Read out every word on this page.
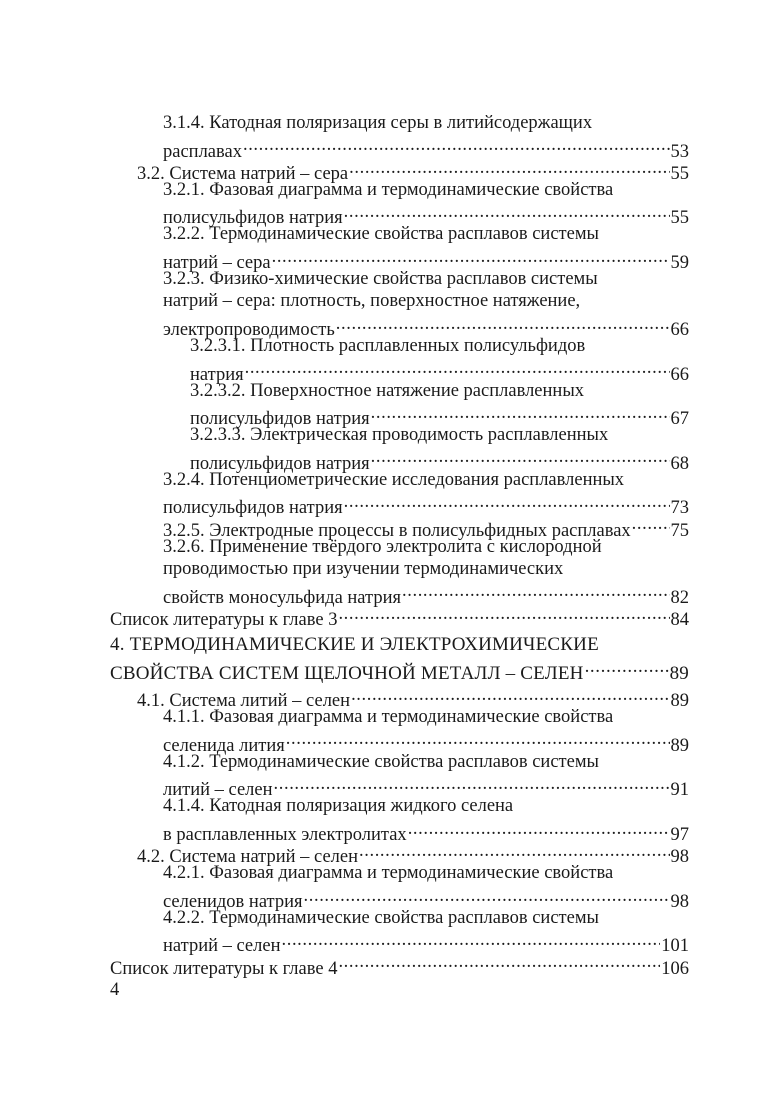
3.1.4. Катодная поляризация серы в литийсодержащих
расплавах .....	53
3.2. Система натрий – сера .....	55
3.2.1. Фазовая диаграмма и термодинамические свойства
полисульфидов натрия .....	55
3.2.2. Термодинамические свойства расплавов системы
натрий – сера .....	59
3.2.3. Физико-химические свойства расплавов системы
натрий – сера: плотность, поверхностное натяжение,
электропроводимость .....	66
3.2.3.1. Плотность расплавленных полисульфидов
натрия .....	66
3.2.3.2. Поверхностное натяжение расплавленных
полисульфидов натрия .....	67
3.2.3.3. Электрическая проводимость расплавленных
полисульфидов натрия .....	68
3.2.4. Потенциометрические исследования расплавленных
полисульфидов натрия .....	73
3.2.5. Электродные процессы в полисульфидных расплавах ..... 75
3.2.6. Применение твёрдого электролита с кислородной
проводимостью при изучении термодинамических
свойств моносульфида натрия .....	82
Список литературы к главе 3 .....	84
4. ТЕРМОДИНАМИЧЕСКИЕ И ЭЛЕКТРОХИМИЧЕСКИЕ
СВОЙСТВА СИСТЕМ ЩЕЛОЧНОЙ МЕТАЛЛ – СЕЛЕН .....	89
4.1. Система литий – селен .....	89
4.1.1. Фазовая диаграмма и термодинамические свойства
селенида лития .....	89
4.1.2. Термодинамические свойства расплавов системы
литий – селен .....	91
4.1.4. Катодная поляризация жидкого селена
в расплавленных электролитах .....	97
4.2. Система натрий – селен .....	98
4.2.1. Фазовая диаграмма и термодинамические свойства
селенидов натрия .....	98
4.2.2. Термодинамические свойства расплавов системы
натрий – селен .....	101
Список литературы к главе 4 .....	106
4
